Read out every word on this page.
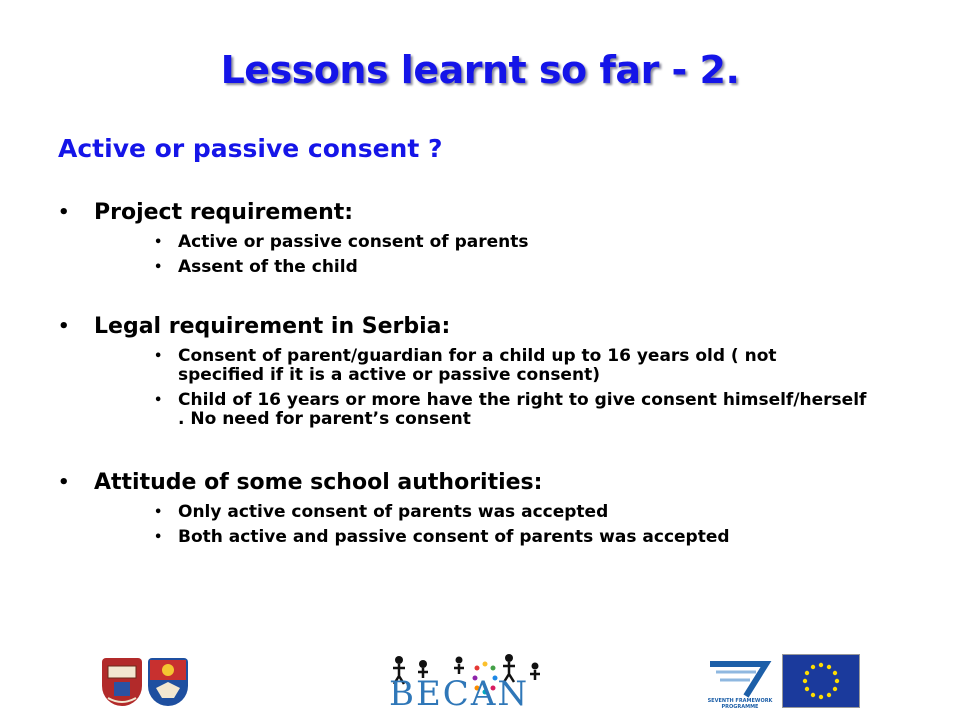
Lessons learnt so far - 2.
Active or passive consent ?
•	Project requirement:
• Active or passive consent of parents
• Assent of the child
•	Legal requirement in Serbia:
• Consent of parent/guardian for a child up to 16 years old ( not specified if it is a active or passive consent)
• Child of 16 years or more have the right to give consent himself/herself . No need for parent’s consent
•	Attitude of some school authorities:
• Only active consent of parents was accepted
• Both active and passive consent of parents was accepted
BECAN	SEVENTH FRAMEWORK PROGRAMME
